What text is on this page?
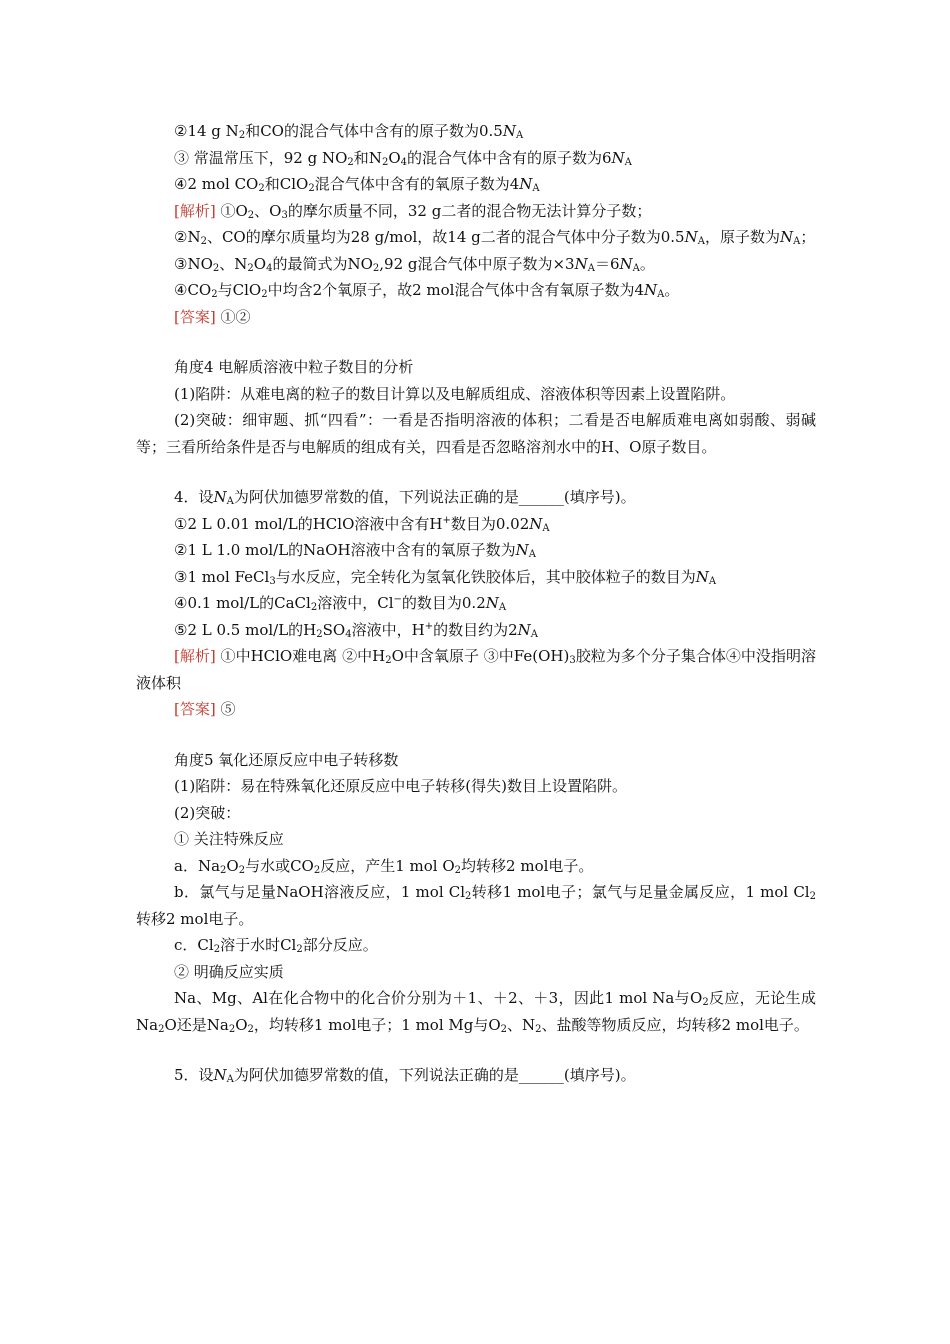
②14 g $N_2$和CO的混合气体中含有的原子数为$0.5N_A$
③ 常温常压下，92 g $NO_2$和$N_2O_4$的混合气体中含有的原子数为$6N_A$
④2 mol $CO_2$和ClO$_2$混合气体中含有的氧原子数为$4N_A$
[解析] $①O_2$、$O_3$的摩尔质量不同，32 g二者的混合物无法计算分子数；
$②N_2$、CO的摩尔质量均为28 g/mol，故14 g二者的混合气体中分子数为$0.5N_A$，原子数为$N_A$；
$③NO_2$、$N_2O_4$的最简式为$NO_2,92$ g混合气体中原子数为$\times 3N_A=6N_A$。
$④CO_2$与ClO$_2$中均含2个氧原子，故2 mol混合气体中含有氧原子数为$4N_A$。
[答案] ①②
角度4 电解质溶液中粒子数目的分析
(1)陷阱：从难电离的粒子的数目计算以及电解质组成、溶液体积等因素上设置陷阱。
(2)突破：细审题、抓“四看”：一看是否指明溶液的体积；二看是否电解质难电离如弱酸、弱碱等；三看所给条件是否与电解质的组成有关，四看是否忽略溶剂水中的H、O原子数目。
4．设$N_A$为阿伏加德罗常数的值，下列说法正确的是______(填序号)。
①2 L 0.01 mol/L的HClO溶液中含有H+数目为$0.02N_A$
②1 L 1.0 mol/L的NaOH溶液中含有的氧原子数为$N_A$
③1 mol FeCl$_3$与水反应，完全转化为氢氧化铁胶体后，其中胶体粒子的数目为$N_A$
④0.1 mol/L的CaCl$_2$溶液中，Cl−的数目为$0.2N_A$
⑤2 L 0.5 mol/L的$H_2SO_4$溶液中，H+的数目约为$2N_A$
[解析] ①中HClO难电离 ②中$H_2O$中含氧原子 ③中$Fe(OH)_3$胶粒为多个分子集合体④中没指明溶液体积
[答案] ⑤
角度5 氧化还原反应中电子转移数
(1)陷阱：易在特殊氧化还原反应中电子转移(得失)数目上设置陷阱。
(2)突破：
① 关注特殊反应
a．$Na_2O_2$与水或$CO_2$反应，产生1 mol $O_2$均转移2 mol电子。
b．氯气与足量NaOH溶液反应，1 mol $Cl_2$转移1 mol电子；氯气与足量金属反应，1 mol $Cl_2$转移2 mol电子。
c．$Cl_2$溶于水时$Cl_2$部分反应。
② 明确反应实质
Na、Mg、Al在化合物中的化合价分别为＋1、＋2、＋3，因此1 mol Na与$O_2$反应，无论生成$Na_2O$还是$Na_2O_2$，均转移1 mol电子；1 mol Mg与$O_2$、$N_2$、盐酸等物质反应，均转移2 mol电子。
5．设$N_A$为阿伏加德罗常数的值，下列说法正确的是______(填序号)。
